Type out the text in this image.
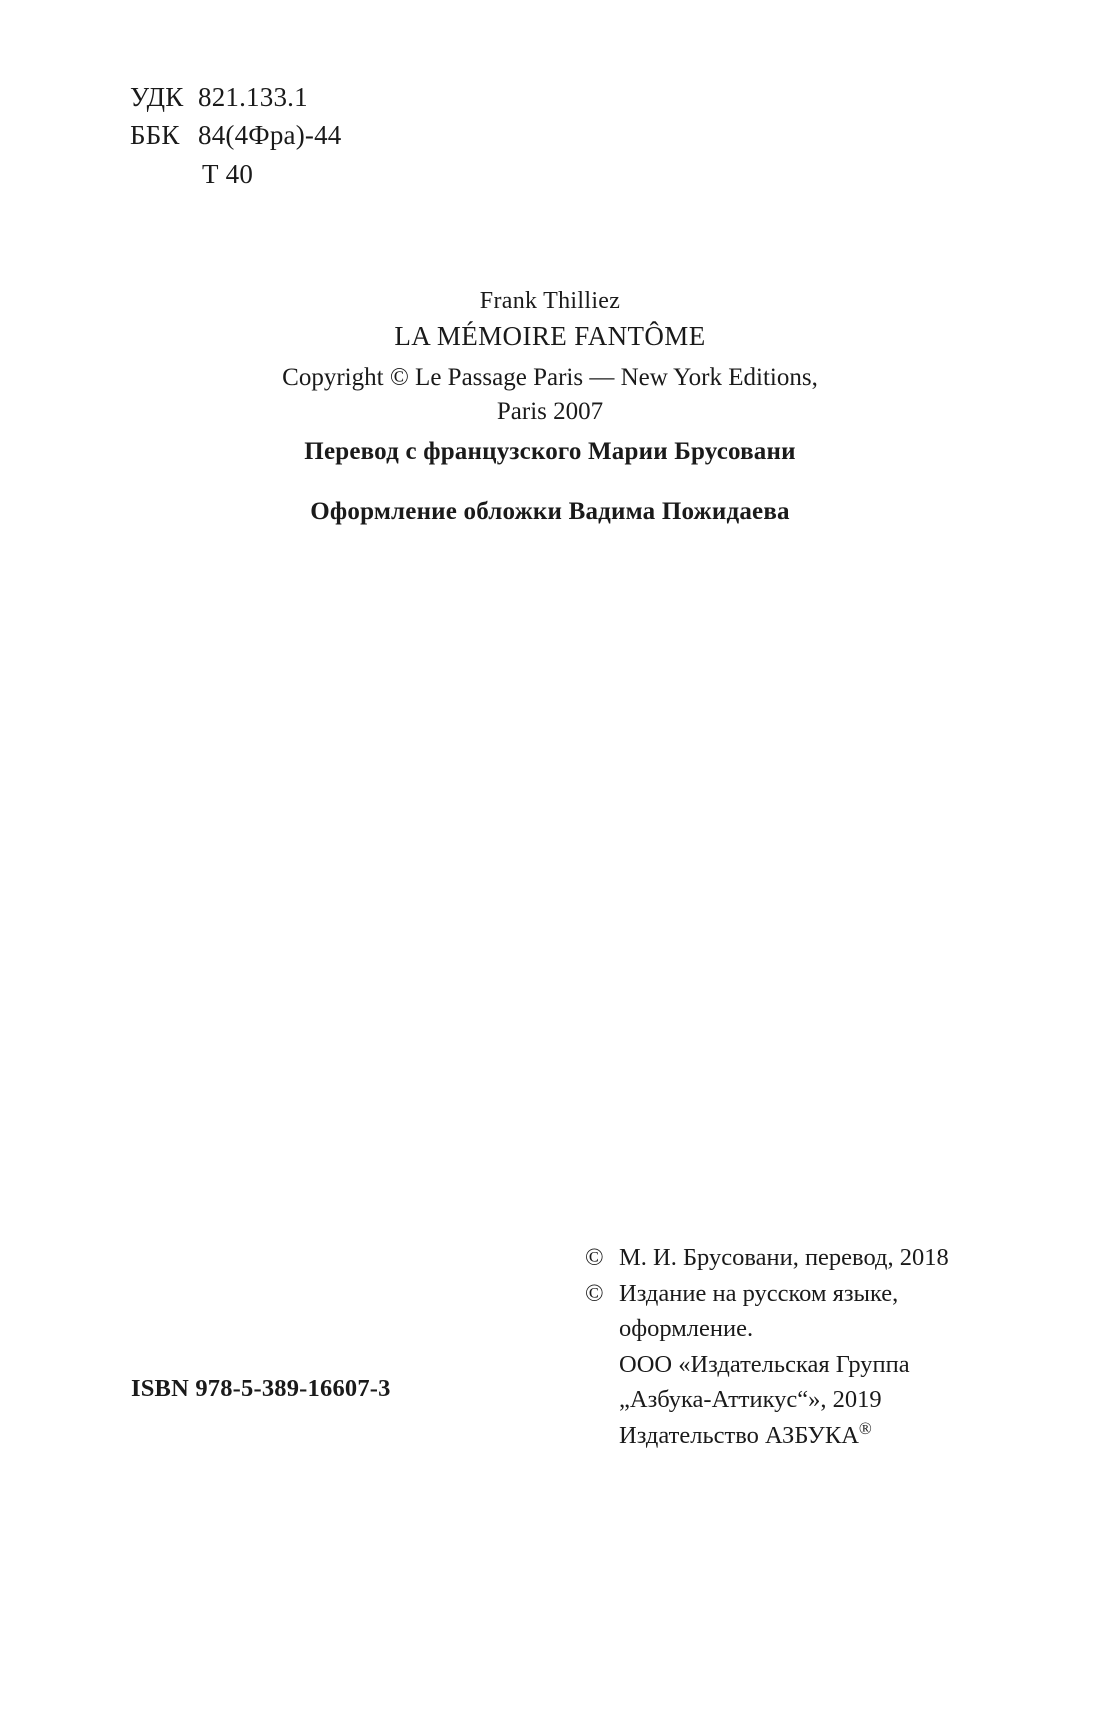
УДК 821.133.1
ББК 84(4Фра)-44
Т 40
Frank Thilliez
LA MÉMOIRE FANTÔME
Copyright © Le Passage Paris — New York Editions,
Paris 2007
Перевод с французского Марии Брусовани
Оформление обложки Вадима Пожидаева
© М. И. Брусовани, перевод, 2018
© Издание на русском языке,
оформление.
ООО «Издательская Группа
„Азбука-Аттикус“», 2019
Издательство АЗБУКА®
ISBN 978-5-389-16607-3
